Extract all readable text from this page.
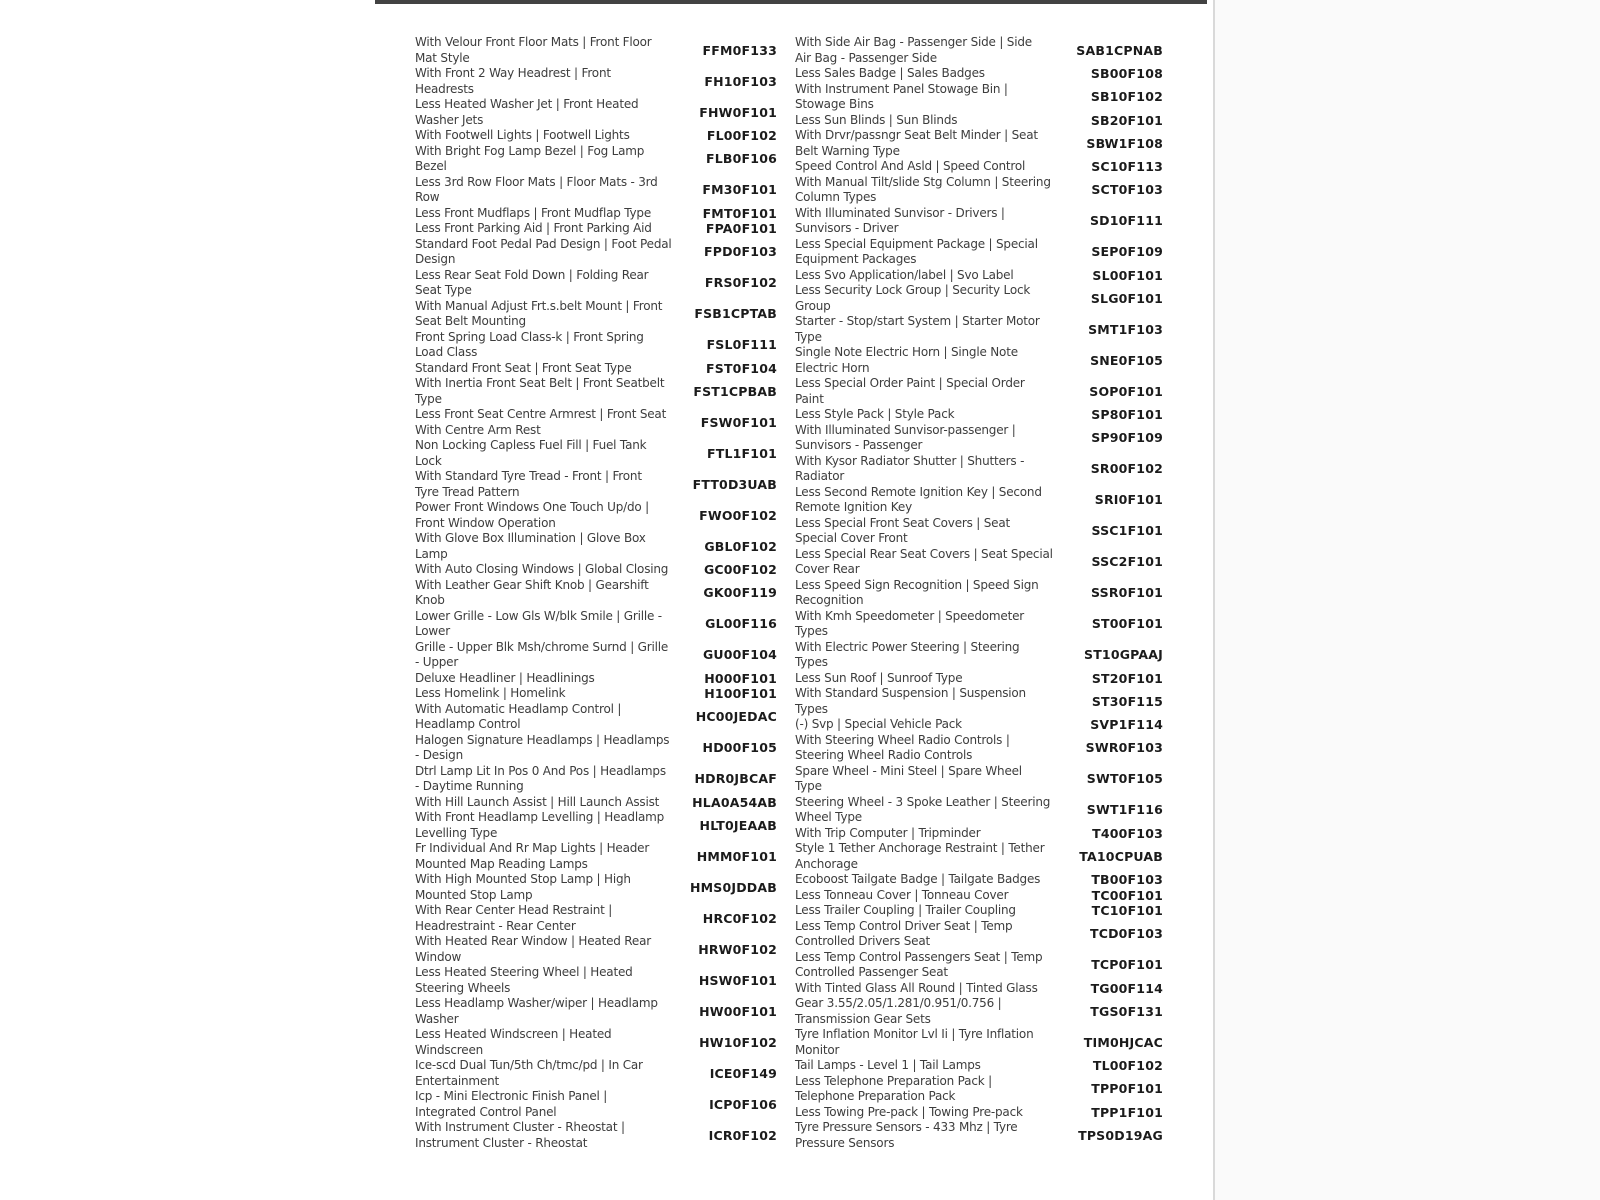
With Velour Front Floor Mats | Front Floor
Mat Style	FFM0F133
With Front 2 Way Headrest | Front
Headrests	FH10F103
Less Heated Washer Jet | Front Heated
Washer Jets	FHW0F101
With Footwell Lights | Footwell Lights	FL00F102
With Bright Fog Lamp Bezel | Fog Lamp
Bezel	FLB0F106
Less 3rd Row Floor Mats | Floor Mats - 3rd
Row	FM30F101
Less Front Mudflaps | Front Mudflap Type	FMT0F101
Less Front Parking Aid | Front Parking Aid	FPA0F101
Standard Foot Pedal Pad Design | Foot Pedal
Design	FPD0F103
Less Rear Seat Fold Down | Folding Rear
Seat Type	FRS0F102
With Manual Adjust Frt.s.belt Mount | Front
Seat Belt Mounting	FSB1CPTAB
Front Spring Load Class-k | Front Spring
Load Class	FSL0F111
Standard Front Seat | Front Seat Type	FST0F104
With Inertia Front Seat Belt | Front Seatbelt
Type	FST1CPBAB
Less Front Seat Centre Armrest | Front Seat
With Centre Arm Rest	FSW0F101
Non Locking Capless Fuel Fill | Fuel Tank
Lock	FTL1F101
With Standard Tyre Tread - Front | Front
Tyre Tread Pattern	FTT0D3UAB
Power Front Windows One Touch Up/do |
Front Window Operation	FWO0F102
With Glove Box Illumination | Glove Box
Lamp	GBL0F102
With Auto Closing Windows | Global Closing	GC00F102
With Leather Gear Shift Knob | Gearshift
Knob	GK00F119
Lower Grille - Low Gls W/blk Smile | Grille -
Lower	GL00F116
Grille - Upper Blk Msh/chrome Surnd | Grille
- Upper	GU00F104
Deluxe Headliner | Headlinings	H000F101
Less Homelink | Homelink	H100F101
With Automatic Headlamp Control |
Headlamp Control	HC00JEDAC
Halogen Signature Headlamps | Headlamps
- Design	HD00F105
Dtrl Lamp Lit In Pos 0 And Pos | Headlamps
- Daytime Running	HDR0JBCAF
With Hill Launch Assist | Hill Launch Assist	HLA0A54AB
With Front Headlamp Levelling | Headlamp
Levelling Type	HLT0JEAAB
Fr Individual And Rr Map Lights | Header
Mounted Map Reading Lamps	HMM0F101
With High Mounted Stop Lamp | High
Mounted Stop Lamp	HMS0JDDAB
With Rear Center Head Restraint |
Headrestraint - Rear Center	HRC0F102
With Heated Rear Window | Heated Rear
Window	HRW0F102
Less Heated Steering Wheel | Heated
Steering Wheels	HSW0F101
Less Headlamp Washer/wiper | Headlamp
Washer	HW00F101
Less Heated Windscreen | Heated
Windscreen	HW10F102
Ice-scd Dual Tun/5th Ch/tmc/pd | In Car
Entertainment	ICE0F149
Icp - Mini Electronic Finish Panel |
Integrated Control Panel	ICP0F106
With Instrument Cluster - Rheostat |
Instrument Cluster - Rheostat	ICR0F102
With Side Air Bag - Passenger Side | Side
Air Bag - Passenger Side	SAB1CPNAB
Less Sales Badge | Sales Badges	SB00F108
With Instrument Panel Stowage Bin |
Stowage Bins	SB10F102
Less Sun Blinds | Sun Blinds	SB20F101
With Drvr/passngr Seat Belt Minder | Seat
Belt Warning Type	SBW1F108
Speed Control And Asld | Speed Control	SC10F113
With Manual Tilt/slide Stg Column | Steering
Column Types	SCT0F103
With Illuminated Sunvisor - Drivers |
Sunvisors - Driver	SD10F111
Less Special Equipment Package | Special
Equipment Packages	SEP0F109
Less Svo Application/label | Svo Label	SL00F101
Less Security Lock Group | Security Lock
Group	SLG0F101
Starter - Stop/start System | Starter Motor
Type	SMT1F103
Single Note Electric Horn | Single Note
Electric Horn	SNE0F105
Less Special Order Paint | Special Order
Paint	SOP0F101
Less Style Pack | Style Pack	SP80F101
With Illuminated Sunvisor-passenger |
Sunvisors - Passenger	SP90F109
With Kysor Radiator Shutter | Shutters -
Radiator	SR00F102
Less Second Remote Ignition Key | Second
Remote Ignition Key	SRI0F101
Less Special Front Seat Covers | Seat
Special Cover Front	SSC1F101
Less Special Rear Seat Covers | Seat Special
Cover Rear	SSC2F101
Less Speed Sign Recognition | Speed Sign
Recognition	SSR0F101
With Kmh Speedometer | Speedometer
Types	ST00F101
With Electric Power Steering | Steering
Types	ST10GPAAJ
Less Sun Roof | Sunroof Type	ST20F101
With Standard Suspension | Suspension
Types	ST30F115
(-) Svp | Special Vehicle Pack	SVP1F114
With Steering Wheel Radio Controls |
Steering Wheel Radio Controls	SWR0F103
Spare Wheel - Mini Steel | Spare Wheel
Type	SWT0F105
Steering Wheel - 3 Spoke Leather | Steering
Wheel Type	SWT1F116
With Trip Computer | Tripminder	T400F103
Style 1 Tether Anchorage Restraint | Tether
Anchorage	TA10CPUAB
Ecoboost Tailgate Badge | Tailgate Badges	TB00F103
Less Tonneau Cover | Tonneau Cover	TC00F101
Less Trailer Coupling | Trailer Coupling	TC10F101
Less Temp Control Driver Seat | Temp
Controlled Drivers Seat	TCD0F103
Less Temp Control Passengers Seat | Temp
Controlled Passenger Seat	TCP0F101
With Tinted Glass All Round | Tinted Glass	TG00F114
Gear 3.55/2.05/1.281/0.951/0.756 |
Transmission Gear Sets	TGS0F131
Tyre Inflation Monitor Lvl Ii | Tyre Inflation
Monitor	TIM0HJCAC
Tail Lamps - Level 1 | Tail Lamps	TL00F102
Less Telephone Preparation Pack |
Telephone Preparation Pack	TPP0F101
Less Towing Pre-pack | Towing Pre-pack	TPP1F101
Tyre Pressure Sensors - 433 Mhz | Tyre
Pressure Sensors	TPS0D19AG
